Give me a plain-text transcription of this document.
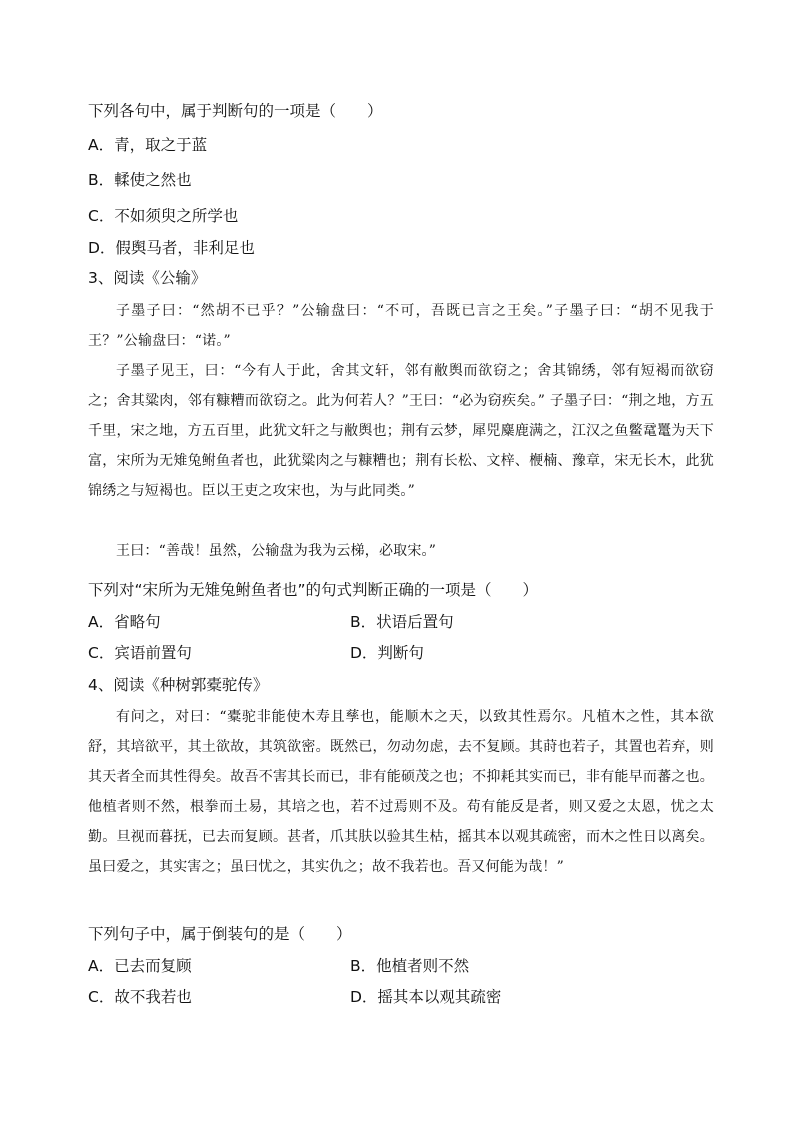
下列各句中，属于判断句的一项是（　　）
A．青，取之于蓝
B．輮使之然也
C．不如须臾之所学也
D．假舆马者，非利足也
3、阅读《公输》
子墨子曰：“然胡不已乎？”公输盘曰：“不可，吾既已言之王矣。”子墨子曰：“胡不见我于王？”公输盘曰：“诺。”
子墨子见王，曰：“今有人于此，舍其文轩，邻有敝舆而欲窃之；舍其锦绣，邻有短褐而欲窃之；舍其粱肉，邻有糠糟而欲窃之。此为何若人？”王曰：“必为窃疾矣。” 子墨子曰：“荆之地，方五千里，宋之地，方五百里，此犹文轩之与敝舆也；荆有云梦，犀兕麋鹿满之，江汉之鱼鳖鼋鼍为天下富，宋所为无雉兔鲋鱼者也，此犹粱肉之与糠糟也；荆有长松、文梓、楩楠、豫章，宋无长木，此犹锦绣之与短褐也。臣以王吏之攻宋也，为与此同类。”
王曰：“善哉！虽然，公输盘为我为云梯，必取宋。”
下列对“宋所为无雉兔鲋鱼者也”的句式判断正确的一项是（　　）
A．省略句	B．状语后置句
C．宾语前置句	D．判断句
4、阅读《种树郭橐驼传》
有问之，对曰：“橐驼非能使木寿且孳也，能顺木之天，以致其性焉尔。凡植木之性，其本欲舒，其培欲平，其土欲故，其筑欲密。既然已，勿动勿虑，去不复顾。其莳也若子，其置也若弃，则其天者全而其性得矣。故吾不害其长而已，非有能硕茂之也；不抑耗其实而已，非有能早而蕃之也。他植者则不然，根拳而土易，其培之也，若不过焉则不及。苟有能反是者，则又爱之太恩，忧之太勤。旦视而暮抚，已去而复顾。甚者，爪其肤以验其生枯，摇其本以观其疏密，而木之性日以离矣。虽曰爱之，其实害之；虽曰忧之，其实仇之；故不我若也。吾又何能为哉！”
下列句子中，属于倒装句的是（　　）
A．已去而复顾	B．他植者则不然
C．故不我若也	D．摇其本以观其疏密
